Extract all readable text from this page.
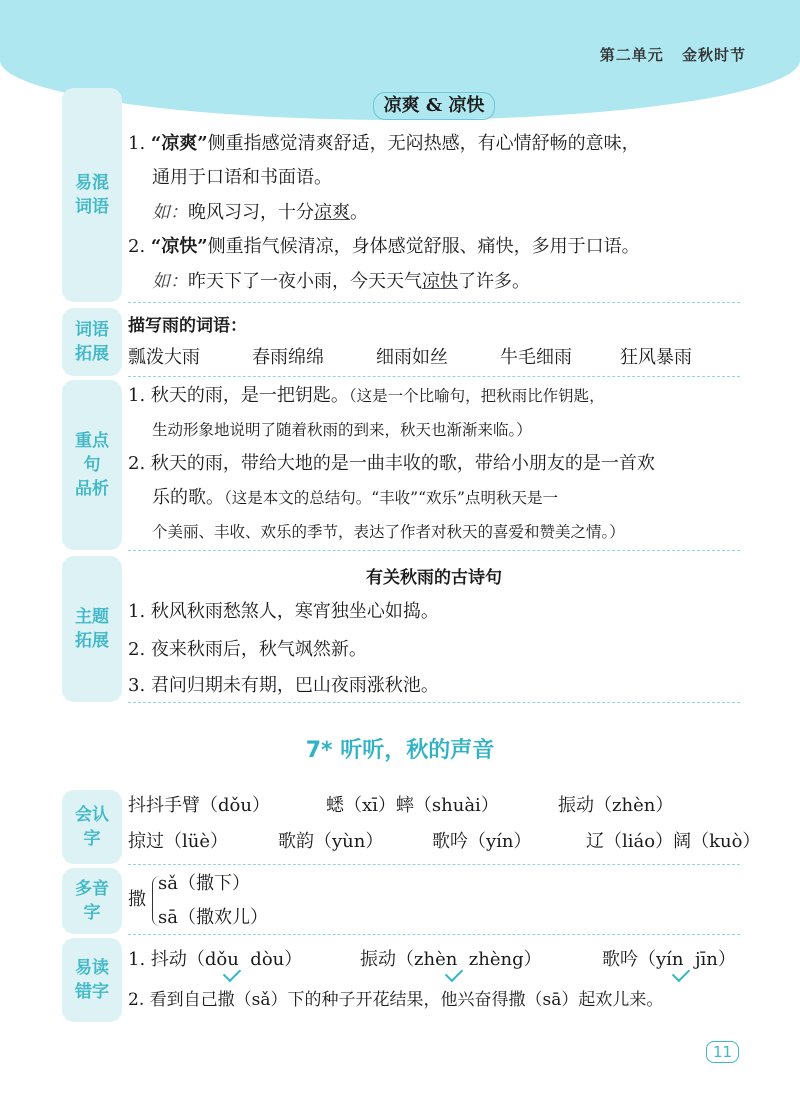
第二单元 金秋时节
易混
词语
凉爽 & 凉快
1. “凉爽”侧重指感觉清爽舒适，无闷热感，有心情舒畅的意味，
通用于口语和书面语。
如：晚风习习，十分凉爽。
2. “凉快”侧重指气候清凉，身体感觉舒服、痛快，多用于口语。
如：昨天下了一夜小雨，今天天气凉快了许多。
词语
拓展
描写雨的词语：
瓢泼大雨	春雨绵绵	细雨如丝	牛毛细雨	狂风暴雨
重点句
品析
1. 秋天的雨，是一把钥匙。（这是一个比喻句，把秋雨比作钥匙，
生动形象地说明了随着秋雨的到来，秋天也渐渐来临。）
2. 秋天的雨，带给大地的是一曲丰收的歌，带给小朋友的是一首欢
乐的歌。（这是本文的总结句。“丰收”“欢乐”点明秋天是一
个美丽、丰收、欢乐的季节，表达了作者对秋天的喜爱和赞美之情。）
主题
拓展
有关秋雨的古诗句
1. 秋风秋雨愁煞人，寒宵独坐心如捣。
2. 夜来秋雨后，秋气飒然新。
3. 君问归期未有期，巴山夜雨涨秋池。
7* 听听，秋的声音
会认字
抖抖手臂（dǒu）	蟋（xī）蟀（shuài）	振动（zhèn）
掠过（lüè）	歌韵（yùn）	歌吟（yín）	辽（liáo）阔（kuò）
多音字
撒
sǎ（撒下）
sā（撒欢儿）
易读
错字
1. 抖动（dǒu  dòu）	振动（zhèn  zhèng）	歌吟（yín  jīn）
2. 看到自己撒（sǎ）下的种子开花结果，他兴奋得撒（sā）起欢儿来。
11
